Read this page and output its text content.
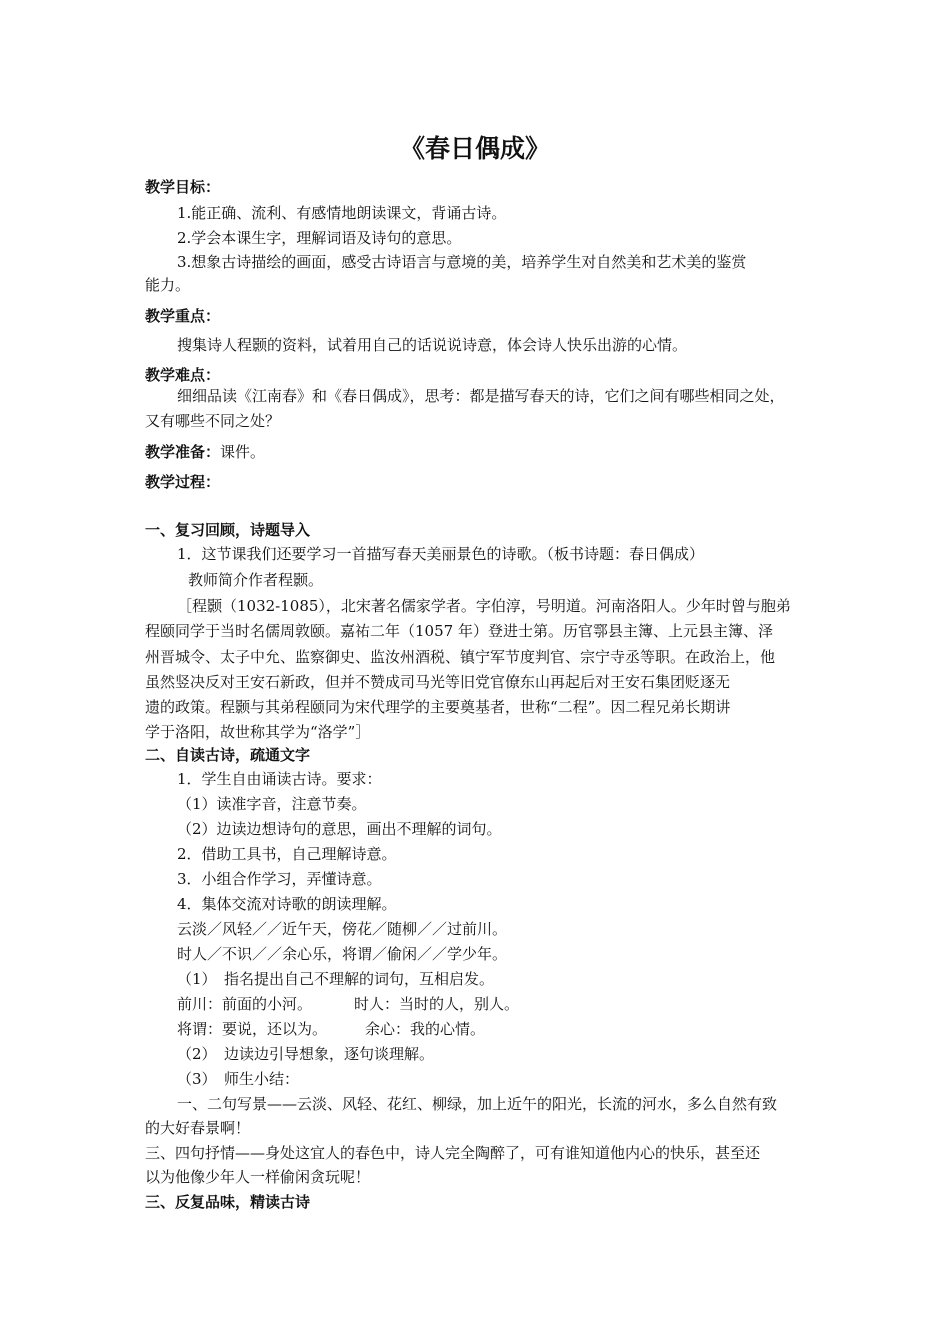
《春日偶成》
教学目标：
1.能正确、流利、有感情地朗读课文，背诵古诗。
2.学会本课生字，理解词语及诗句的意思。
3.想象古诗描绘的画面，感受古诗语言与意境的美，培养学生对自然美和艺术美的鉴赏
能力。
教学重点：
搜集诗人程颢的资料，试着用自己的话说说诗意，体会诗人快乐出游的心情。
教学难点：
细细品读《江南春》和《春日偶成》，思考：都是描写春天的诗，它们之间有哪些相同之处，
又有哪些不同之处？
教学准备：课件。
教学过程：
一、复习回顾，诗题导入
1．这节课我们还要学习一首描写春天美丽景色的诗歌。（板书诗题：春日偶成）
教师简介作者程颢。
［程颢（1032-1085），北宋著名儒家学者。字伯淳，号明道。河南洛阳人。少年时曾与胞弟
程颐同学于当时名儒周敦颐。嘉祐二年（1057 年）登进士第。历官鄠县主簿、上元县主簿、泽
州晋城令、太子中允、监察御史、监汝州酒税、镇宁军节度判官、宗宁寺丞等职。在政治上，他
虽然竖决反对王安石新政，但并不赞成司马光等旧党官僚东山再起后对王安石集团贬逐无
遗的政策。程颢与其弟程颐同为宋代理学的主要奠基者，世称“二程”。因二程兄弟长期讲
学于洛阳，故世称其学为“洛学”］
二、自读古诗，疏通文字
1．学生自由诵读古诗。要求：
（1）读准字音，注意节奏。
（2）边读边想诗句的意思，画出不理解的词句。
2．借助工具书，自己理解诗意。
3．小组合作学习，弄懂诗意。
4．集体交流对诗歌的朗读理解。
云淡／风轻／／近午天，傍花／随柳／／过前川。
时人／不识／／余心乐，将谓／偷闲／／学少年。
（1）　指名提出自己不理解的词句，互相启发。
前川：前面的小河。	时人：当时的人，别人。
将谓：要说，还以为。	余心：我的心情。
（2）　边读边引导想象，逐句谈理解。
（3）　师生小结：
一、二句写景——云淡、风轻、花红、柳绿，加上近午的阳光，长流的河水，多么自然有致
的大好春景啊！
三、四句抒情——身处这宜人的春色中，诗人完全陶醉了，可有谁知道他内心的快乐，甚至还
以为他像少年人一样偷闲贪玩呢！
三、反复品味，精读古诗
